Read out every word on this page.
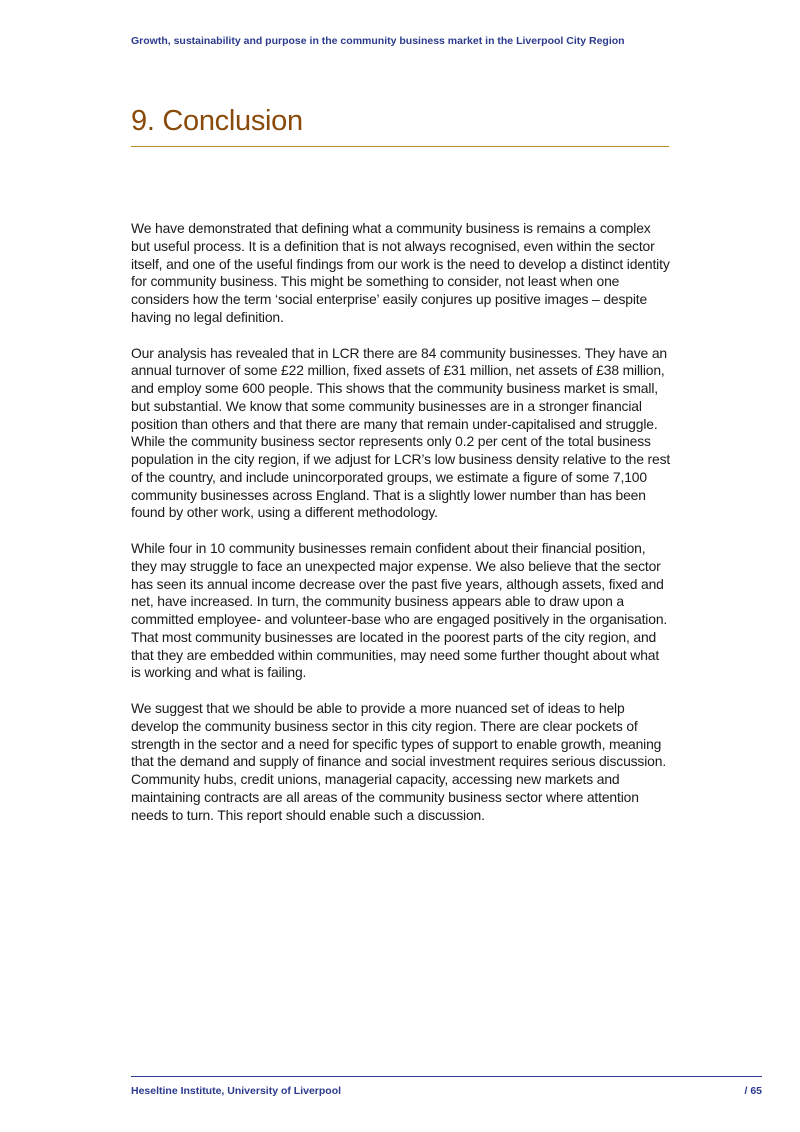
Growth, sustainability and purpose in the community business market in the Liverpool City Region
9. Conclusion

We have demonstrated that defining what a community business is remains a complex but useful process. It is a definition that is not always recognised, even within the sector itself, and one of the useful findings from our work is the need to develop a distinct identity for community business. This might be something to consider, not least when one considers how the term ‘social enterprise’ easily conjures up positive images – despite having no legal definition.

Our analysis has revealed that in LCR there are 84 community businesses. They have an annual turnover of some £22 million, fixed assets of £31 million, net assets of £38 million, and employ some 600 people. This shows that the community business market is small, but substantial. We know that some community businesses are in a stronger financial position than others and that there are many that remain under-capitalised and struggle. While the community business sector represents only 0.2 per cent of the total business population in the city region, if we adjust for LCR’s low business density relative to the rest of the country, and include unincorporated groups, we estimate a figure of some 7,100 community businesses across England. That is a slightly lower number than has been found by other work, using a different methodology.

While four in 10 community businesses remain confident about their financial position, they may struggle to face an unexpected major expense. We also believe that the sector has seen its annual income decrease over the past five years, although assets, fixed and net, have increased. In turn, the community business appears able to draw upon a committed employee- and volunteer-base who are engaged positively in the organisation. That most community businesses are located in the poorest parts of the city region, and that they are embedded within communities, may need some further thought about what is working and what is failing.

We suggest that we should be able to provide a more nuanced set of ideas to help develop the community business sector in this city region. There are clear pockets of strength in the sector and a need for specific types of support to enable growth, meaning that the demand and supply of finance and social investment requires serious discussion. Community hubs, credit unions, managerial capacity, accessing new markets and maintaining contracts are all areas of the community business sector where attention needs to turn. This report should enable such a discussion.

Heseltine Institute, University of Liverpool	/ 65
